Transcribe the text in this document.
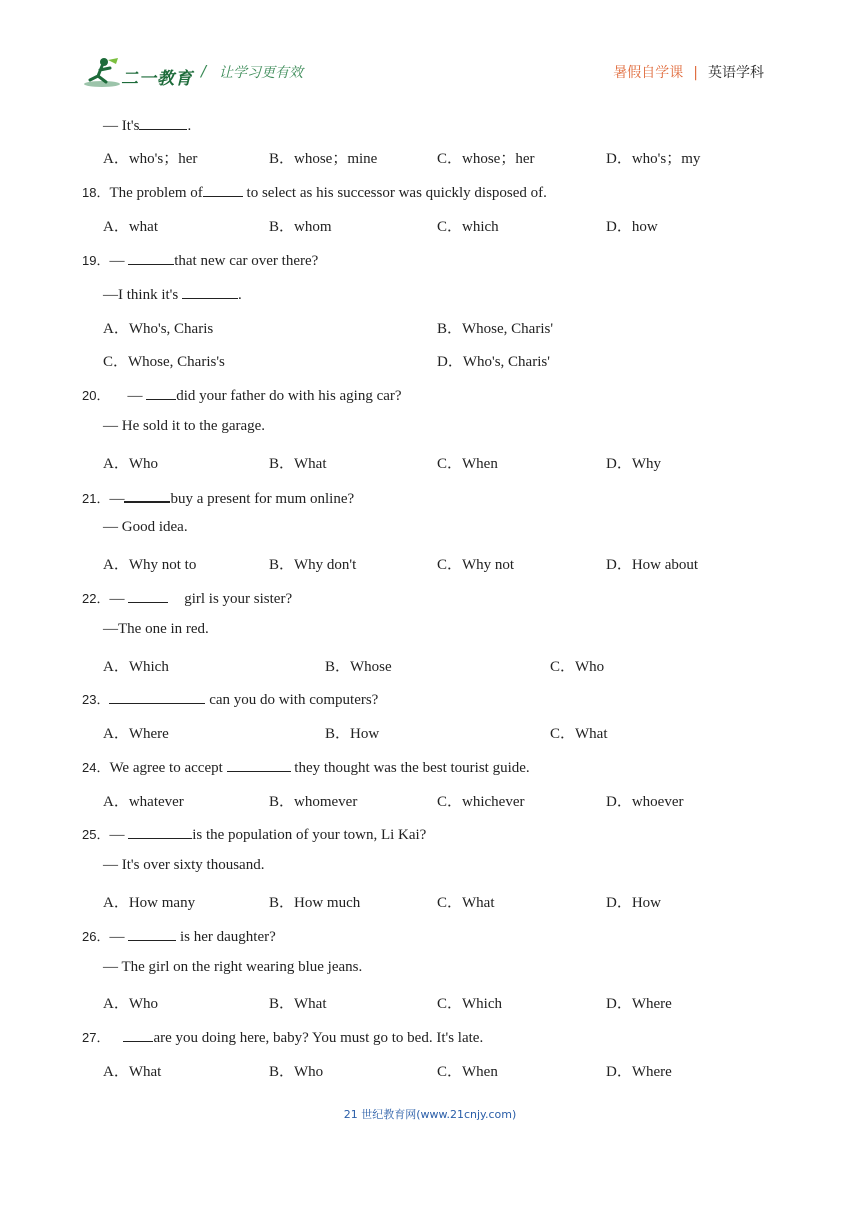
二一教育 / 让学习更有效	暑假自学课 | 英语学科
— It's	.
A．who's；her	B．whose；mine	C．whose；her	D．who's；my
18．The problem of	to select as his successor was quickly disposed of.
A．what	B．whom	C．which	D．how
19．—	that new car over there?
—I think it's	.
A．Who's, Charis	B．Whose, Charis'
C．Whose, Charis's	D．Who's, Charis'
20． — did your father do with his aging car?
— He sold it to the garage.
A．Who	B．What	C．When	D．Why
21．—	buy a present for mum online?
— Good idea.
A．Why not to	B．Why don't	C．Why not	D．How about
22．—	girl is your sister?
—The one in red.
A．Which	B．Whose	C．Who
23．	can you do with computers?
A．Where	B．How	C．What
24．We agree to accept	they thought was the best tourist guide.
A．whatever	B．whomever	C．whichever	D．whoever
25．—	is the population of your town, Li Kai?
— It's over sixty thousand.
A．How many	B．How much	C．What	D．How
26．—	is her daughter?
— The girl on the right wearing blue jeans.
A．Who	B．What	C．Which	D．Where
27．	are you doing here, baby? You must go to bed. It's late.
A．What	B．Who	C．When	D．Where
21 世纪教育网(www.21cnjy.com)
